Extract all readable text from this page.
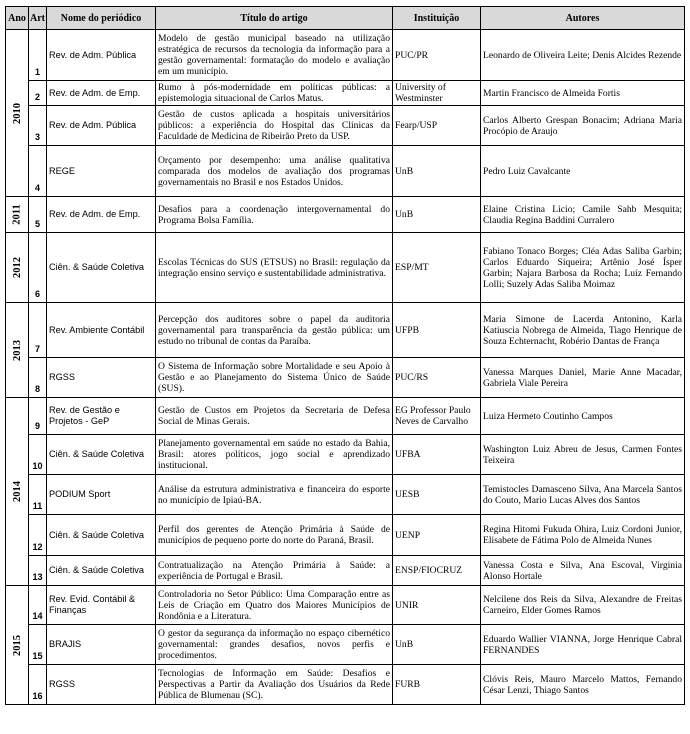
Ano	Art	Nome do periódico	Título do artigo	Instituição	Autores
2010	1	Rev. de Adm. Pública	Modelo de gestão municipal baseado na utilização estratégica de recursos da tecnologia da informação para a gestão governamental: formatação do modelo e avaliação em um município.	PUC/PR	Leonardo de Oliveira Leite; Denis Alcides Rezende
	2	Rev. de Adm. de Emp.	Rumo à pós-modernidade em políticas públicas: a epistemologia situacional de Carlos Matus.	University of Westminster	Martin Francisco de Almeida Fortis
	3	Rev. de Adm. Pública	Gestão de custos aplicada a hospitais universitários públicos: a experiência do Hospital das Clínicas da Faculdade de Medicina de Ribeirão Preto da USP.	Fearp/USP	Carlos Alberto Grespan Bonacim; Adriana Maria Procópio de Araujo
	4	REGE	Orçamento por desempenho: uma análise qualitativa comparada dos modelos de avaliação dos programas governamentais no Brasil e nos Estados Unidos.	UnB	Pedro Luiz Cavalcante
2011	5	Rev. de Adm. de Emp.	Desafios para a coordenação intergovernamental do Programa Bolsa Família.	UnB	Elaine Cristina Licio; Camile Sahb Mesquita; Claudia Regina Baddini Curralero
2012	6	Ciên. & Saúde Coletiva	Escolas Técnicas do SUS (ETSUS) no Brasil: regulação da integração ensino serviço e sustentabilidade administrativa.	ESP/MT	Fabiano Tonaco Borges; Cléa Adas Saliba Garbin; Carlos Eduardo Siqueira; Artênio José Ísper Garbin; Najara Barbosa da Rocha; Luíz Fernando Lolli; Suzely Adas Saliba Moimaz
2013	7	Rev. Ambiente Contábil	Percepção dos auditores sobre o papel da auditoria governamental para transparência da gestão pública: um estudo no tribunal de contas da Paraíba.	UFPB	Maria Simone de Lacerda Antonino, Karla Katiuscia Nobrega de Almeida, Tiago Henrique de Souza Echternacht, Robério Dantas de França
	8	RGSS	O Sistema de Informação sobre Mortalidade e seu Apoio à Gestão e ao Planejamento do Sistema Único de Saúde (SUS).	PUC/RS	Vanessa Marques Daniel, Marie Anne Macadar, Gabriela Viale Pereira
2014	9	Rev. de Gestão e Projetos - GeP	Gestão de Custos em Projetos da Secretaria de Defesa Social de Minas Gerais.	EG Professor Paulo Neves de Carvalho	Luiza Hermeto Coutinho Campos
	10	Ciên. & Saúde Coletiva	Planejamento governamental em saúde no estado da Bahia, Brasil: atores políticos, jogo social e aprendizado institucional.	UFBA	Washington Luiz Abreu de Jesus, Carmen Fontes Teixeira
	11	PODIUM Sport	Análise da estrutura administrativa e financeira do esporte no município de Ipiaú-BA.	UESB	Temistocles Damasceno Silva, Ana Marcela Santos do Couto, Mario Lucas Alves dos Santos
	12	Ciên. & Saúde Coletiva	Perfil dos gerentes de Atenção Primária à Saúde de municípios de pequeno porte do norte do Paraná, Brasil.	UENP	Regina Hitomi Fukuda Ohira, Luiz Cordoni Junior, Elisabete de Fátima Polo de Almeida Nunes
	13	Ciên. & Saúde Coletiva	Contratualização na Atenção Primária à Saúde: a experiência de Portugal e Brasil.	ENSP/FIOCRUZ	Vanessa Costa e Silva, Ana Escoval, Virginia Alonso Hortale
2015	14	Rev. Evid. Contábil & Finanças	Controladoria no Setor Público: Uma Comparação entre as Leis de Criação em Quatro dos Maiores Municípios de Rondônia e a Literatura.	UNIR	Nelcilene dos Reis da Silva, Alexandre de Freitas Carneiro, Elder Gomes Ramos
	15	BRAJIS	O gestor da segurança da informação no espaço cibernético governamental: grandes desafios, novos perfis e procedimentos.	UnB	Eduardo Wallier VIANNA, Jorge Henrique Cabral FERNANDES
	16	RGSS	Tecnologias de Informação em Saúde: Desafios e Perspectivas a Partir da Avaliação dos Usuários da Rede Pública de Blumenau (SC).	FURB	Clóvis Reis, Mauro Marcelo Mattos, Fernando César Lenzi, Thiago Santos
